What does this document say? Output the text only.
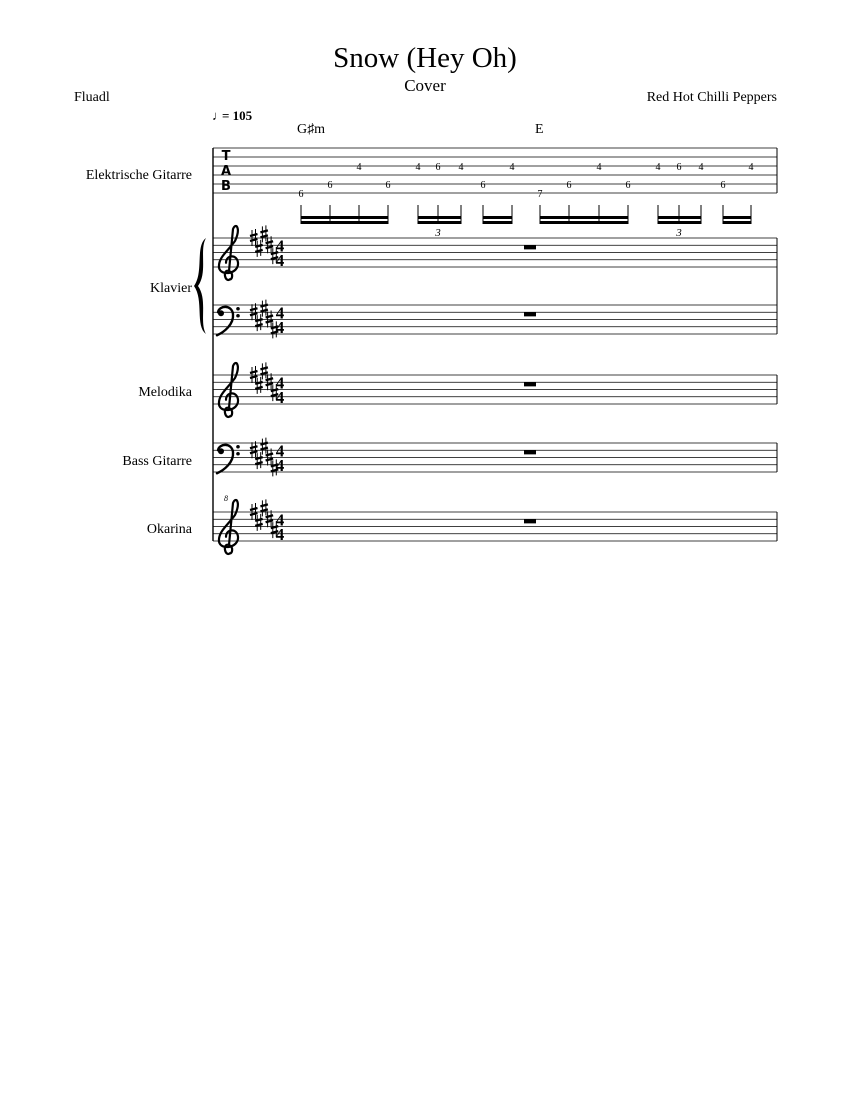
Snow (Hey Oh)
Cover
Fluadl	Red Hot Chilli Peppers
♩
= 105
G♯m	E
Elektrische Gitarre
Klavier
Melodika
Bass Gitarre
Okarina
T
A
B
6
6
4
6
4 6 4
6
4
7
6
4
6
4 6 4
6
4
3	3
4
4
4
4
4
4
4
4
4
4
8
